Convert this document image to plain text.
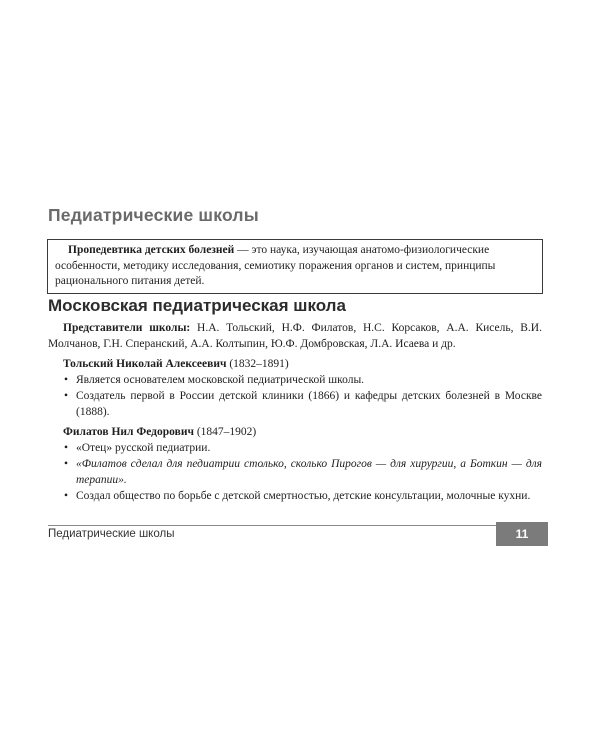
Педиатрические школы
Пропедевтика детских болезней — это наука, изучающая анатомо-физиологические
особенности, методику исследования, семиотику поражения органов и систем, принципы
рационального питания детей.
Московская педиатрическая школа

Представители школы: Н.А. Тольский, Н.Ф. Филатов, Н.С. Корсаков, А.А. Кисель, В.И. Молчанов, Г.Н. Сперанский, А.А. Колтыпин, Ю.Ф. Домбровская, Л.А. Исаева и др.

Тольский Николай Алексеевич (1832–1891)

• Является основателем московской педиатрической школы.
• Создатель первой в России детской клиники (1866) и кафедры детских болезней в Москве (1888).

Филатов Нил Федорович (1847–1902)

• «Отец» русской педиатрии.
• «Филатов сделал для педиатрии столько, сколько Пирогов — для хирургии, а Боткин — для терапии».
• Создал общество по борьбе с детской смертностью, детские консультации, молочные кухни.
Педиатрические школы	11
